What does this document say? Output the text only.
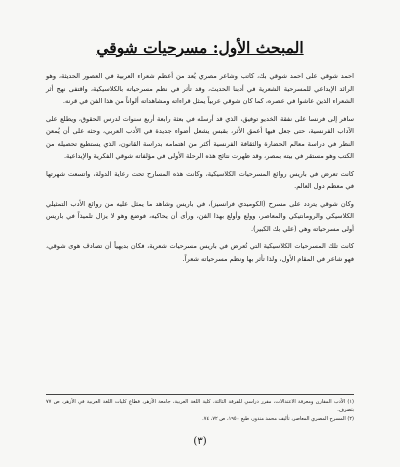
المبحث الأول: مسرحيات شوقي

احمد شوقي على احمد شوقي بك، كاتب وشاعر مصري يُعد من أعظم شعراء العربية في العصور الحديثة، وهو الرائد الإبداعي للمسرحية الشعرية في أدبنا الحديث، وقد تأثر في نظم مسرحياته بالكلاسيكية، واقتفى نهج أثر الشعراء الذين عاشوا في عصره، كما كان شوقي عربياً يمثل قراءاته ومشاهداته ألواناً من هذا الفن في قرنه.

سافر إلى فرنسا على نفقة الخديو توفيق، الذي قد أرسله في بعثة رابعة أربع سنوات لدرس الحقوق، ويطلع على الآداب الفرنسية، حتى جعل فيها أعمق الأثر، بقبس يشعل أضواء جديدة في الأدب العربي، وحثه على أن يُمعن النظر في دراسة معالم الحضارة والثقافة الفرنسية أكثر من اهتمامه بدراسة القانون، الذي يستطيع تحصيله من الكتب وهو مستقر في بيته بمصر، وقد ظهرت نتائج هذه الرحلة الأولى في مؤلفاته شوقي الفكرية والإبداعية.

كانت تعرض في باريس روائع المسرحيات الكلاسيكية، وكانت هذه المسارح تحت رعاية الدولة، واتسعت شهرتها في معظم دول العالم.

وكان شوقي يتردد على مسرح (الكوميدي فرانسيز)، في باريس وشاهد ما يمثل عليه من روائع الأدب التمثيلي الكلاسيكي والرومانتيكي والمعاصر، وولع وأولع بهذا الفن، ورأى أن يحاكيه، فوضع وهو لا يزال تلميذاً في باريس أولى مسرحياته وهي (علي بك الكبير).

كانت تلك المسرحيات الكلاسيكية التي تُعرض في باريس مسرحيات شعرية، فكان بديهياً أن تصادف هوى شوقي، فهو شاعر في المقام الأول، ولذا تأثر بها ونظم مسرحياته شعراً.

(١) الأدب المقارن ومعرفة الاعتدالات، مقرر دراسي للفرقة الثالثة، كلية اللغة العربية، جامعة الأزهر، قطاع كليات اللغة العربية في الأزهر، ص ٧٧ بتصرف.

(٢) المسرح المصري المعاصر، تأليف محمد مندور، طبع ١٩٥٠، ص ٧٢، ٧٤.

(٣)
